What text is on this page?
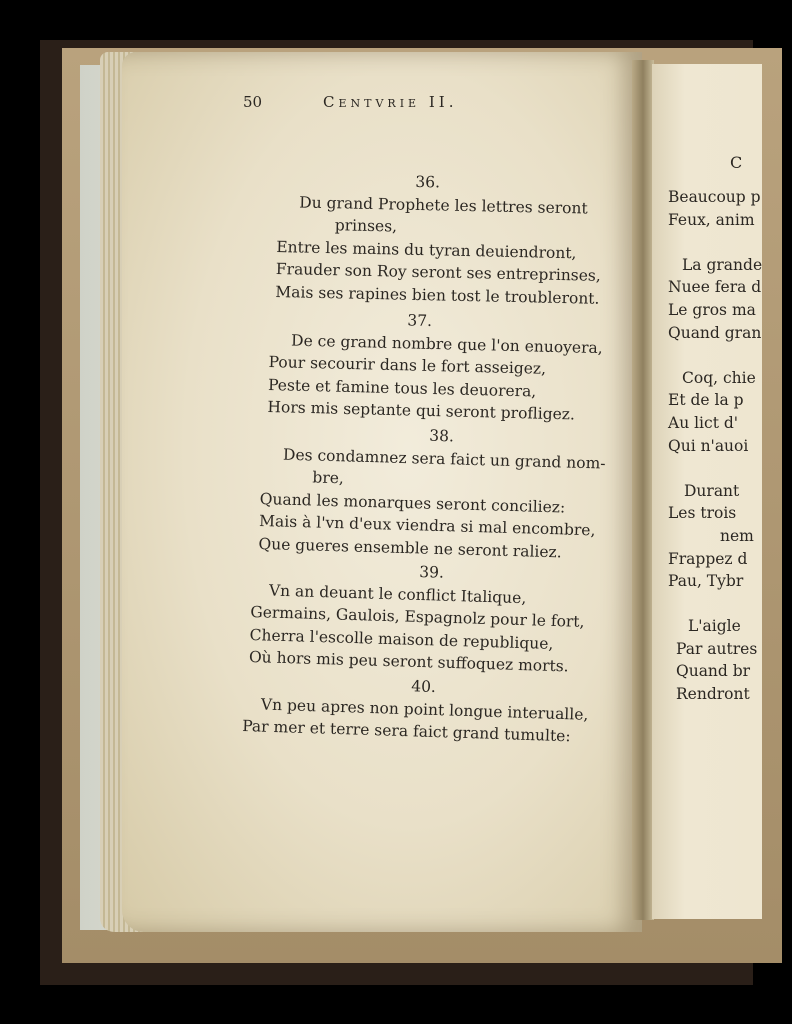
50	Centvrie II.
36.
Du grand Prophete les lettres seront
prinses,
Entre les mains du tyran deuiendront,
Frauder son Roy seront ses entreprinses,
Mais ses rapines bien tost le troubleront.
37.
De ce grand nombre que l'on enuoyera,
Pour secourir dans le fort asseigez,
Peste et famine tous les deuorera,
Hors mis septante qui seront profligez.
38.
Des condamnez sera faict un grand nom-
bre,
Quand les monarques seront conciliez:
Mais à l'vn d'eux viendra si mal encombre,
Que gueres ensemble ne seront raliez.
39.
Vn an deuant le conflict Italique,
Germains, Gaulois, Espagnolz pour le fort,
Cherra l'escolle maison de republique,
Où hors mis peu seront suffoquez morts.
40.
Vn peu apres non point longue interualle,
Par mer et terre sera faict grand tumulte:
C
Beaucoup p
Feux, anim
La grande
Nuee fera d
Le gros ma
Quand gran
Coq, chie
Et de la p
Au lict d'
Qui n'auoi
Durant
Les trois
nem
Frappez d
Pau, Tybr
L'aigle
Par autres
Quand br
Rendront
